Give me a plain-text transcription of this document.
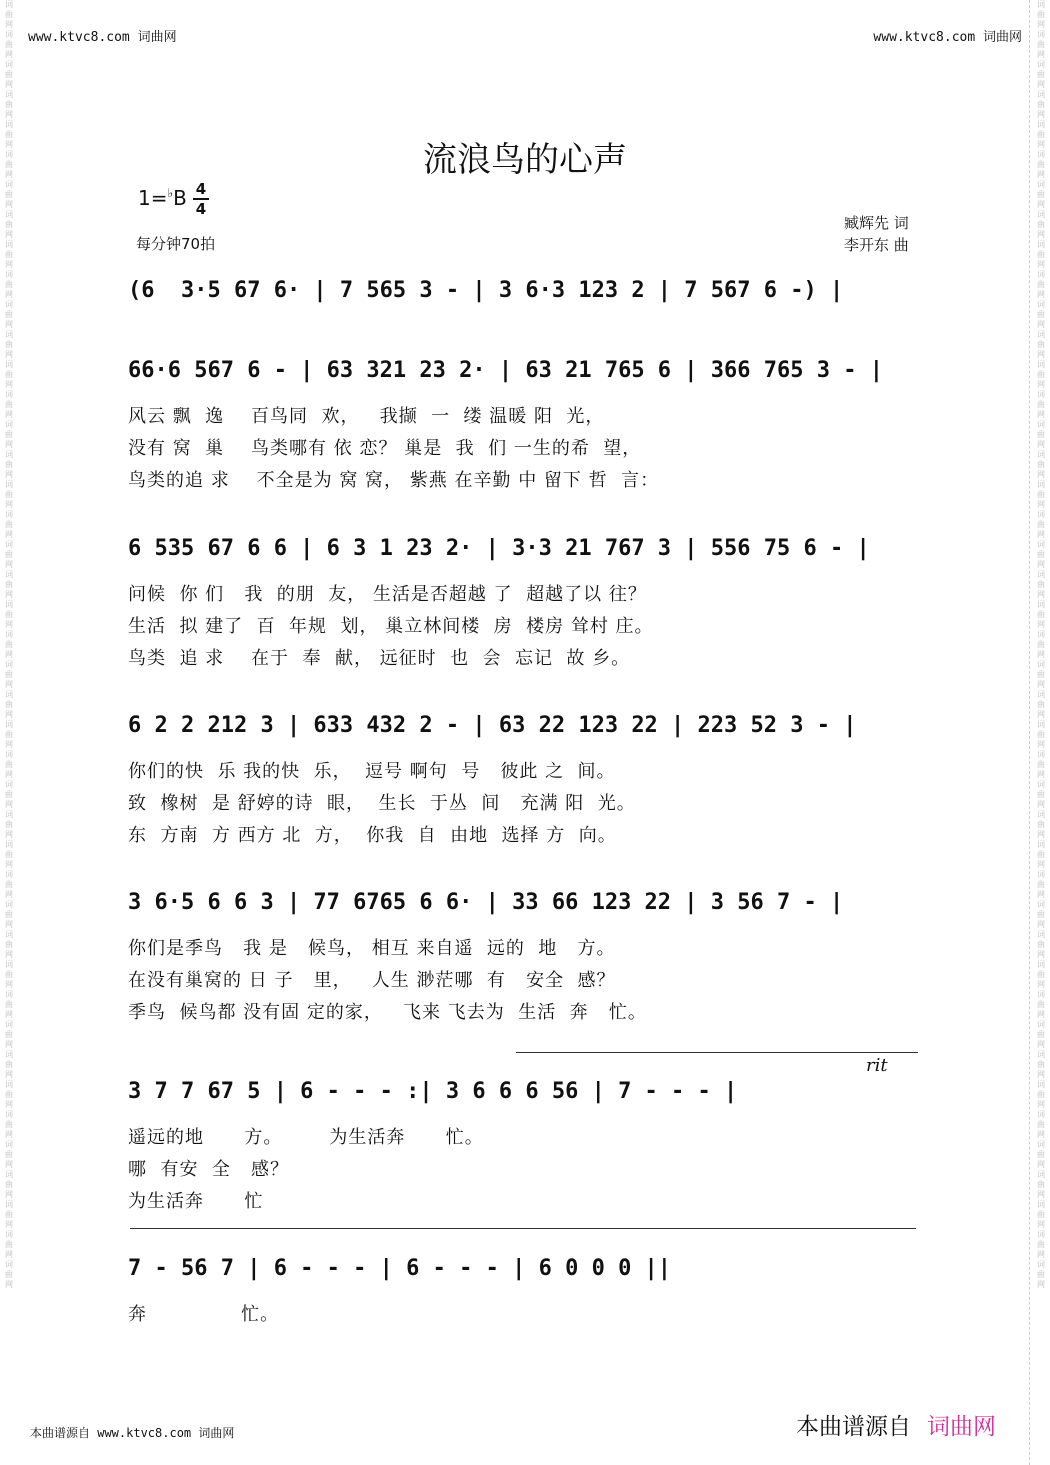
词曲网词曲网词曲网词曲网词曲网词曲网词曲网词曲网词曲网词曲网词曲网词曲网词曲网词曲网词曲网词曲网词曲网词曲网词曲网词曲网词曲网词曲网词曲网词曲网词曲网词曲网词曲网词曲网词曲网词曲网词曲网词曲网词曲网词曲网词曲网词曲网词曲网词曲网词曲网词曲网词曲网词曲网词曲网
词曲网词曲网词曲网词曲网词曲网词曲网词曲网词曲网词曲网词曲网词曲网词曲网词曲网词曲网词曲网词曲网词曲网词曲网词曲网词曲网词曲网词曲网词曲网词曲网词曲网词曲网词曲网词曲网词曲网词曲网词曲网词曲网词曲网词曲网词曲网词曲网词曲网词曲网词曲网词曲网词曲网词曲网词曲网
www.ktvc8.com 词曲网	www.ktvc8.com 词曲网
流浪鸟的心声
1=♭B 4
4
每分钟70拍
臧辉先 词
李开东 曲
(6  3·5 67 6· | 7 565 3 - | 3 6·3 123 2 | 7 567 6 -) |
66·6 567 6 - | 63 321 23 2· | 63 21 765 6 | 366 765 3 - |
风云 飘  逸    百鸟同  欢，   我撷  一  缕 温暖 阳  光，
没有 窝  巢    鸟类哪有 依 恋？ 巢是  我  们 一生的希  望，
鸟类的追 求    不全是为 窝 窝， 紫燕 在辛勤 中 留下 哲  言：
6 535 67 6 6 | 6 3 1 23 2· | 3·3 21 767 3 | 556 75 6 - |
问候  你 们   我  的朋  友， 生活是否超越 了  超越了以 往？
生活  拟 建了  百  年规  划， 巢立林间楼  房  楼房 耸村 庄。
鸟类  追 求    在于  奉  献， 远征时  也  会  忘记  故 乡。
6 2 2 212 3 | 633 432 2 - | 63 22 123 22 | 223 52 3 - |
你们的快  乐 我的快  乐，  逗号 啊句  号   彼此 之  间。
致  橡树  是 舒婷的诗  眼，  生长  于丛  间   充满 阳  光。
东  方南  方 西方 北  方，  你我  自  由地  选择 方  向。
3 6·5 6 6 3 | 77 6765 6 6· | 33 66 123 22 | 3 56 7 - |
你们是季鸟   我 是   候鸟， 相互 来自遥  远的  地   方。
在没有巢窝的 日 子   里，   人生 渺茫哪  有   安全  感？
季鸟  候鸟都 没有固 定的家，   飞来 飞去为  生活  奔   忙。
rit
3 7 7 67 5 | 6 - - - :| 3 6 6 6 56 | 7 - - - |
遥远的地      方。       为生活奔      忙。
哪  有安  全   感？
为生活奔      忙
7 - 56 7 | 6 - - - | 6 - - - | 6 0 0 0 ||
奔              忙。
本曲谱源自 www.ktvc8.com 词曲网	本曲谱源自 词曲网
